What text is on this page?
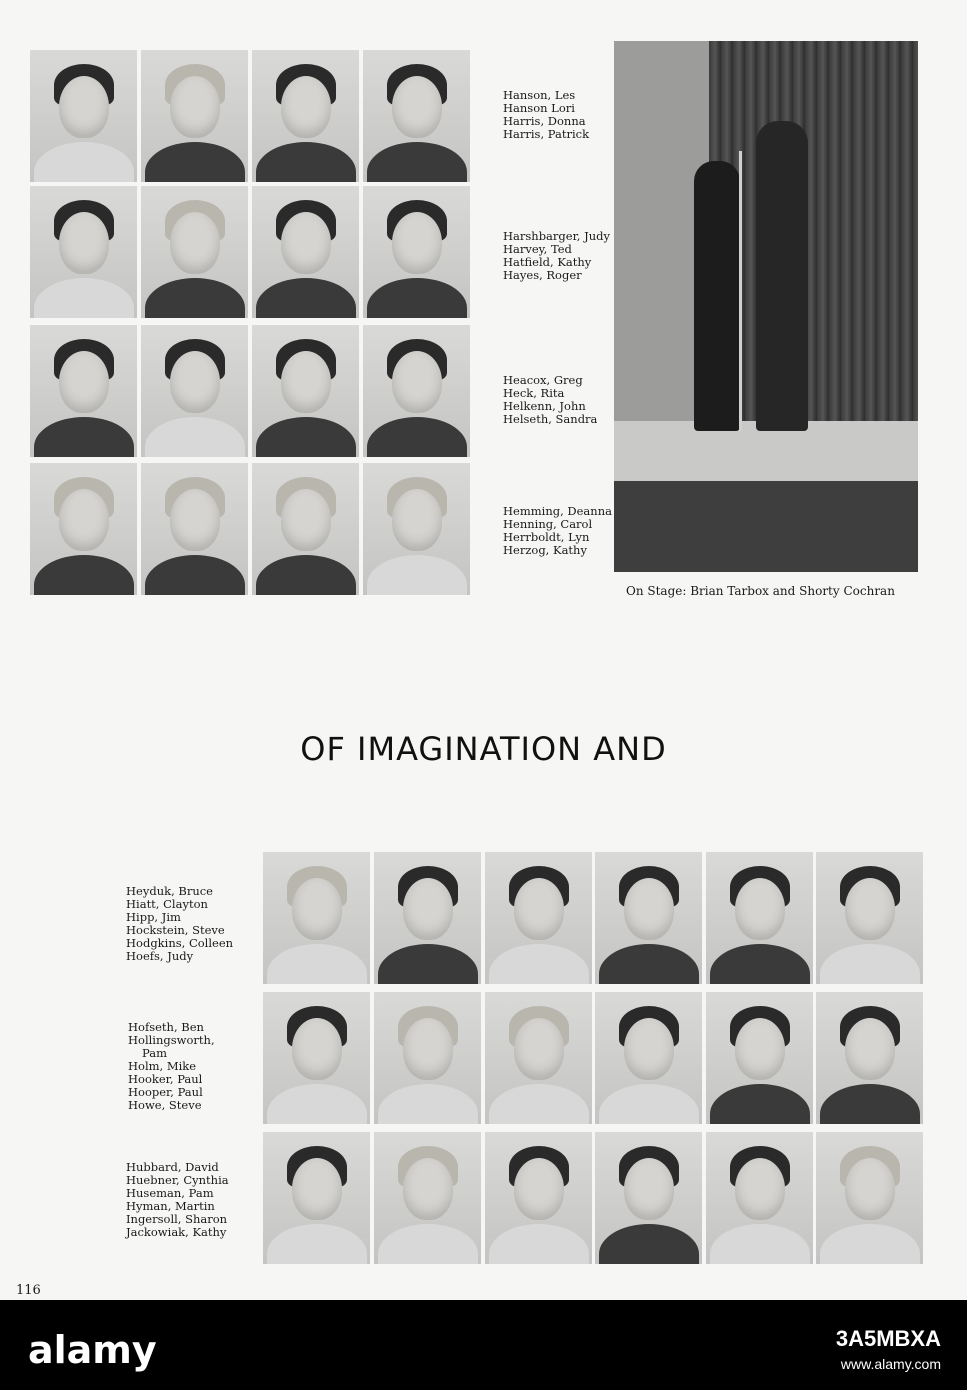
Hanson, Les
Hanson Lori
Harris, Donna
Harris, Patrick
Harshbarger, Judy
Harvey, Ted
Hatfield, Kathy
Hayes, Roger
Heacox, Greg
Heck, Rita
Helkenn, John
Helseth, Sandra
Hemming, Deanna
Henning, Carol
Herrboldt, Lyn
Herzog, Kathy
On Stage: Brian Tarbox and Shorty Cochran
OF IMAGINATION AND
Heyduk, Bruce
Hiatt, Clayton
Hipp, Jim
Hockstein, Steve
Hodgkins, Colleen
Hoefs, Judy
Hofseth, Ben
Hollingsworth,
Pam
Holm, Mike
Hooker, Paul
Hooper, Paul
Howe, Steve
Hubbard, David
Huebner, Cynthia
Huseman, Pam
Hyman, Martin
Ingersoll, Sharon
Jackowiak, Kathy
116
alamy	3A5MBXA
www.alamy.com
